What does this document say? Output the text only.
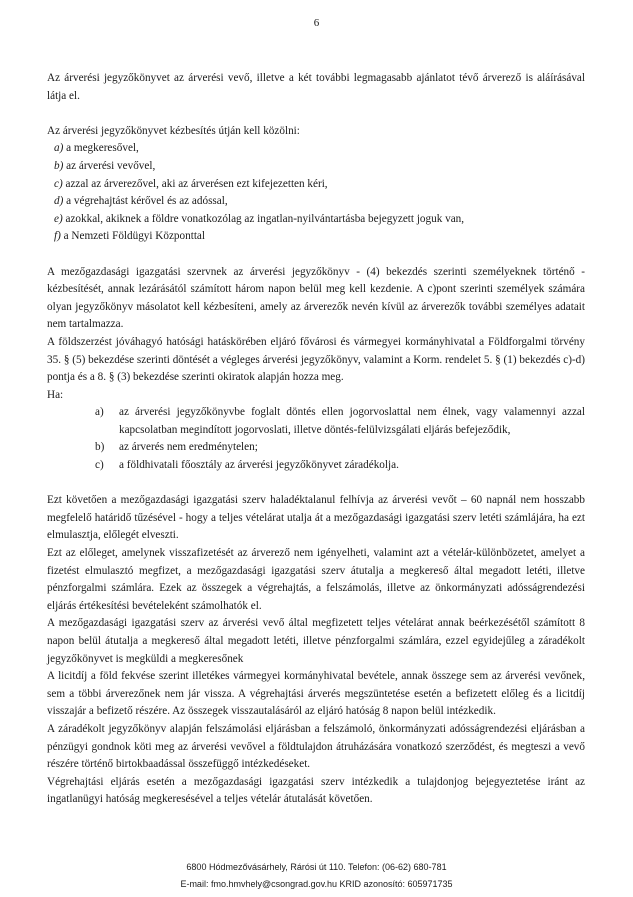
6

Az árverési jegyzőkönyvet az árverési vevő, illetve a két további legmagasabb ajánlatot tévő árverező is aláírásával látja el.

Az árverési jegyzőkönyvet kézbesítés útján kell közölni:

a) a megkeresővel,
b) az árverési vevővel,
c) azzal az árverezővel, aki az árverésen ezt kifejezetten kéri,
d) a végrehajtást kérővel és az adóssal,
e) azokkal, akiknek a földre vonatkozólag az ingatlan-nyilvántartásba bejegyzett joguk van,
f) a Nemzeti Földügyi Központtal

A mezőgazdasági igazgatási szervnek az árverési jegyzőkönyv - (4) bekezdés szerinti személyeknek történő - kézbesítését, annak lezárásától számított három napon belül meg kell kezdenie. A c)pont szerinti személyek számára olyan jegyzőkönyv másolatot kell kézbesíteni, amely az árverezők nevén kívül az árverezők további személyes adatait nem tartalmazza.

A földszerzést jóváhagyó hatósági hatáskörében eljáró fővárosi és vármegyei kormányhivatal a Földforgalmi törvény 35. § (5) bekezdése szerinti döntését a végleges árverési jegyzőkönyv, valamint a Korm. rendelet 5. § (1) bekezdés c)-d) pontja és a 8. § (3) bekezdése szerinti okiratok alapján hozza meg.

Ha:

a) az árverési jegyzőkönyvbe foglalt döntés ellen jogorvoslattal nem élnek, vagy valamennyi azzal kapcsolatban megindított jogorvoslati, illetve döntés-felülvizsgálati eljárás befejeződik,
b) az árverés nem eredménytelen;
c) a földhivatali főosztály az árverési jegyzőkönyvet záradékolja.

Ezt követően a mezőgazdasági igazgatási szerv haladéktalanul felhívja az árverési vevőt – 60 napnál nem hosszabb megfelelő határidő tűzésével - hogy a teljes vételárat utalja át a mezőgazdasági igazgatási szerv letéti számlájára, ha ezt elmulasztja, előlegét elveszti.

Ezt az előleget, amelynek visszafizetését az árverező nem igényelheti, valamint azt a vételár-különbözetet, amelyet a fizetést elmulasztó megfizet, a mezőgazdasági igazgatási szerv átutalja a megkereső által megadott letéti, illetve pénzforgalmi számlára. Ezek az összegek a végrehajtás, a felszámolás, illetve az önkormányzati adósságrendezési eljárás értékesítési bevételeként számolhatók el.

A mezőgazdasági igazgatási szerv az árverési vevő által megfizetett teljes vételárat annak beérkezésétől számított 8 napon belül átutalja a megkereső által megadott letéti, illetve pénzforgalmi számlára, ezzel egyidejűleg a záradékolt jegyzőkönyvet is megküldi a megkeresőnek

A licitdíj a föld fekvése szerint illetékes vármegyei kormányhivatal bevétele, annak összege sem az árverési vevőnek, sem a többi árverezőnek nem jár vissza. A végrehajtási árverés megszüntetése esetén a befizetett előleg és a licitdíj visszajár a befizető részére. Az összegek visszautalásáról az eljáró hatóság 8 napon belül intézkedik.

A záradékolt jegyzőkönyv alapján felszámolási eljárásban a felszámoló, önkormányzati adósságrendezési eljárásban a pénzügyi gondnok köti meg az árverési vevővel a földtulajdon átruházására vonatkozó szerződést, és megteszi a vevő részére történő birtokbaadással összefüggő intézkedéseket.

Végrehajtási eljárás esetén a mezőgazdasági igazgatási szerv intézkedik a tulajdonjog bejegyeztetése iránt az ingatlanügyi hatóság megkeresésével a teljes vételár átutalását követően.

6800 Hódmezővásárhely, Rárósi út 110. Telefon: (06-62) 680-781
E-mail: fmo.hmvhely@csongrad.gov.hu KRID azonosító: 605971735
